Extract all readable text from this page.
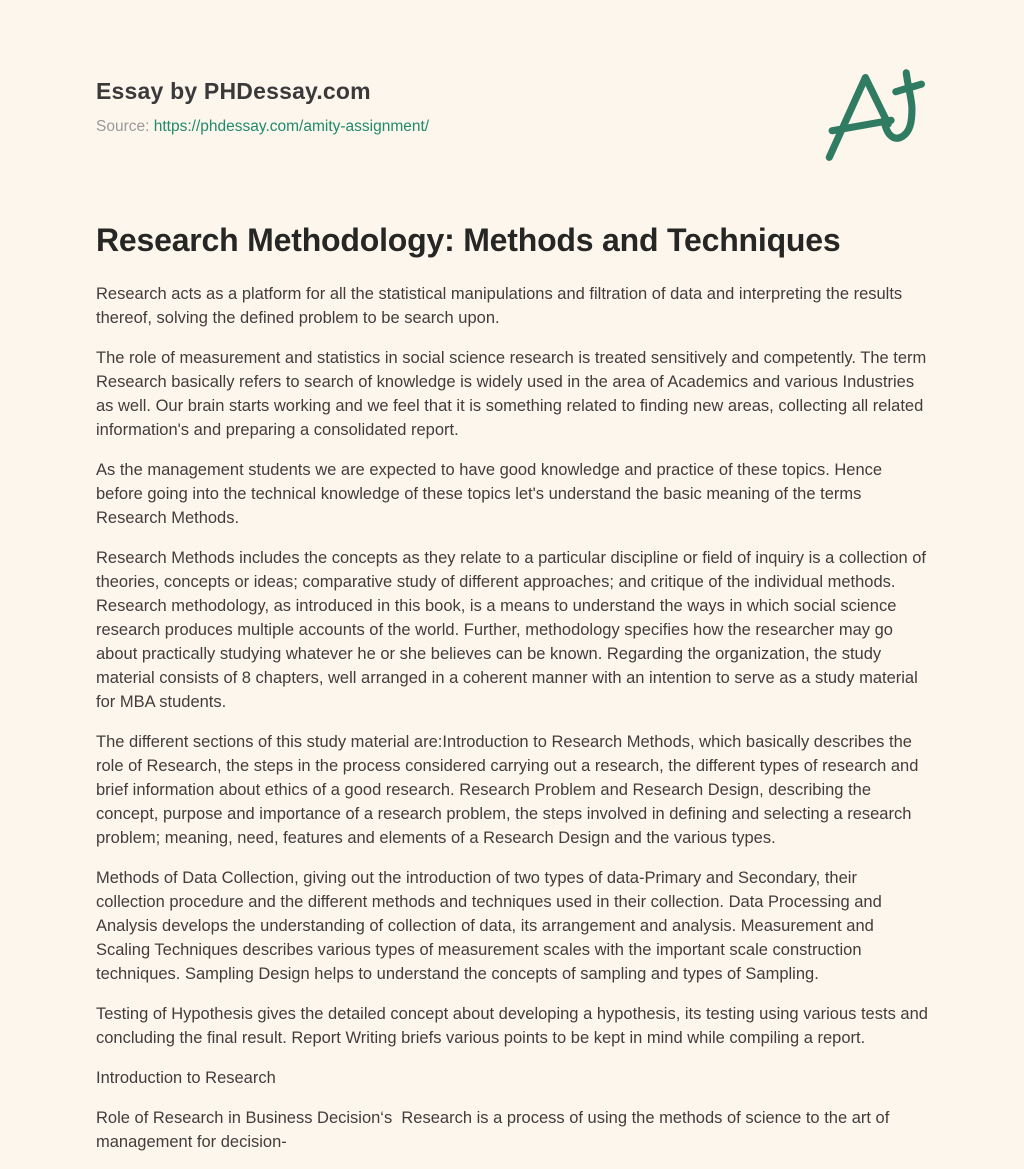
Essay by PHDessay.com
Source: https://phdessay.com/amity-assignment/
Research Methodology: Methods and Techniques

Research acts as a platform for all the statistical manipulations and filtration of data and interpreting the results thereof, solving the defined problem to be search upon.

The role of measurement and statistics in social science research is treated sensitively and competently. The term Research basically refers to search of knowledge is widely used in the area of Academics and various Industries as well. Our brain starts working and we feel that it is something related to finding new areas, collecting all related information's and preparing a consolidated report.

As the management students we are expected to have good knowledge and practice of these topics. Hence before going into the technical knowledge of these topics let's understand the basic meaning of the terms Research Methods.

Research Methods includes the concepts as they relate to a particular discipline or field of inquiry is a collection of theories, concepts or ideas; comparative study of different approaches; and critique of the individual methods. Research methodology, as introduced in this book, is a means to understand the ways in which social science research produces multiple accounts of the world. Further, methodology specifies how the researcher may go about practically studying whatever he or she believes can be known. Regarding the organization, the study material consists of 8 chapters, well arranged in a coherent manner with an intention to serve as a study material for MBA students.

The different sections of this study material are:Introduction to Research Methods, which basically describes the role of Research, the steps in the process considered carrying out a research, the different types of research and brief information about ethics of a good research. Research Problem and Research Design, describing the concept, purpose and importance of a research problem, the steps involved in defining and selecting a research problem; meaning, need, features and elements of a Research Design and the various types.

Methods of Data Collection, giving out the introduction of two types of data-Primary and Secondary, their collection procedure and the different methods and techniques used in their collection. Data Processing and Analysis develops the understanding of collection of data, its arrangement and analysis. Measurement and Scaling Techniques describes various types of measurement scales with the important scale construction techniques. Sampling Design helps to understand the concepts of sampling and types of Sampling.

Testing of Hypothesis gives the detailed concept about developing a hypothesis, its testing using various tests and concluding the final result. Report Writing briefs various points to be kept in mind while compiling a report.

Introduction to Research

Role of Research in Business Decision‘s  Research is a process of using the methods of science to the art of management for decision-
